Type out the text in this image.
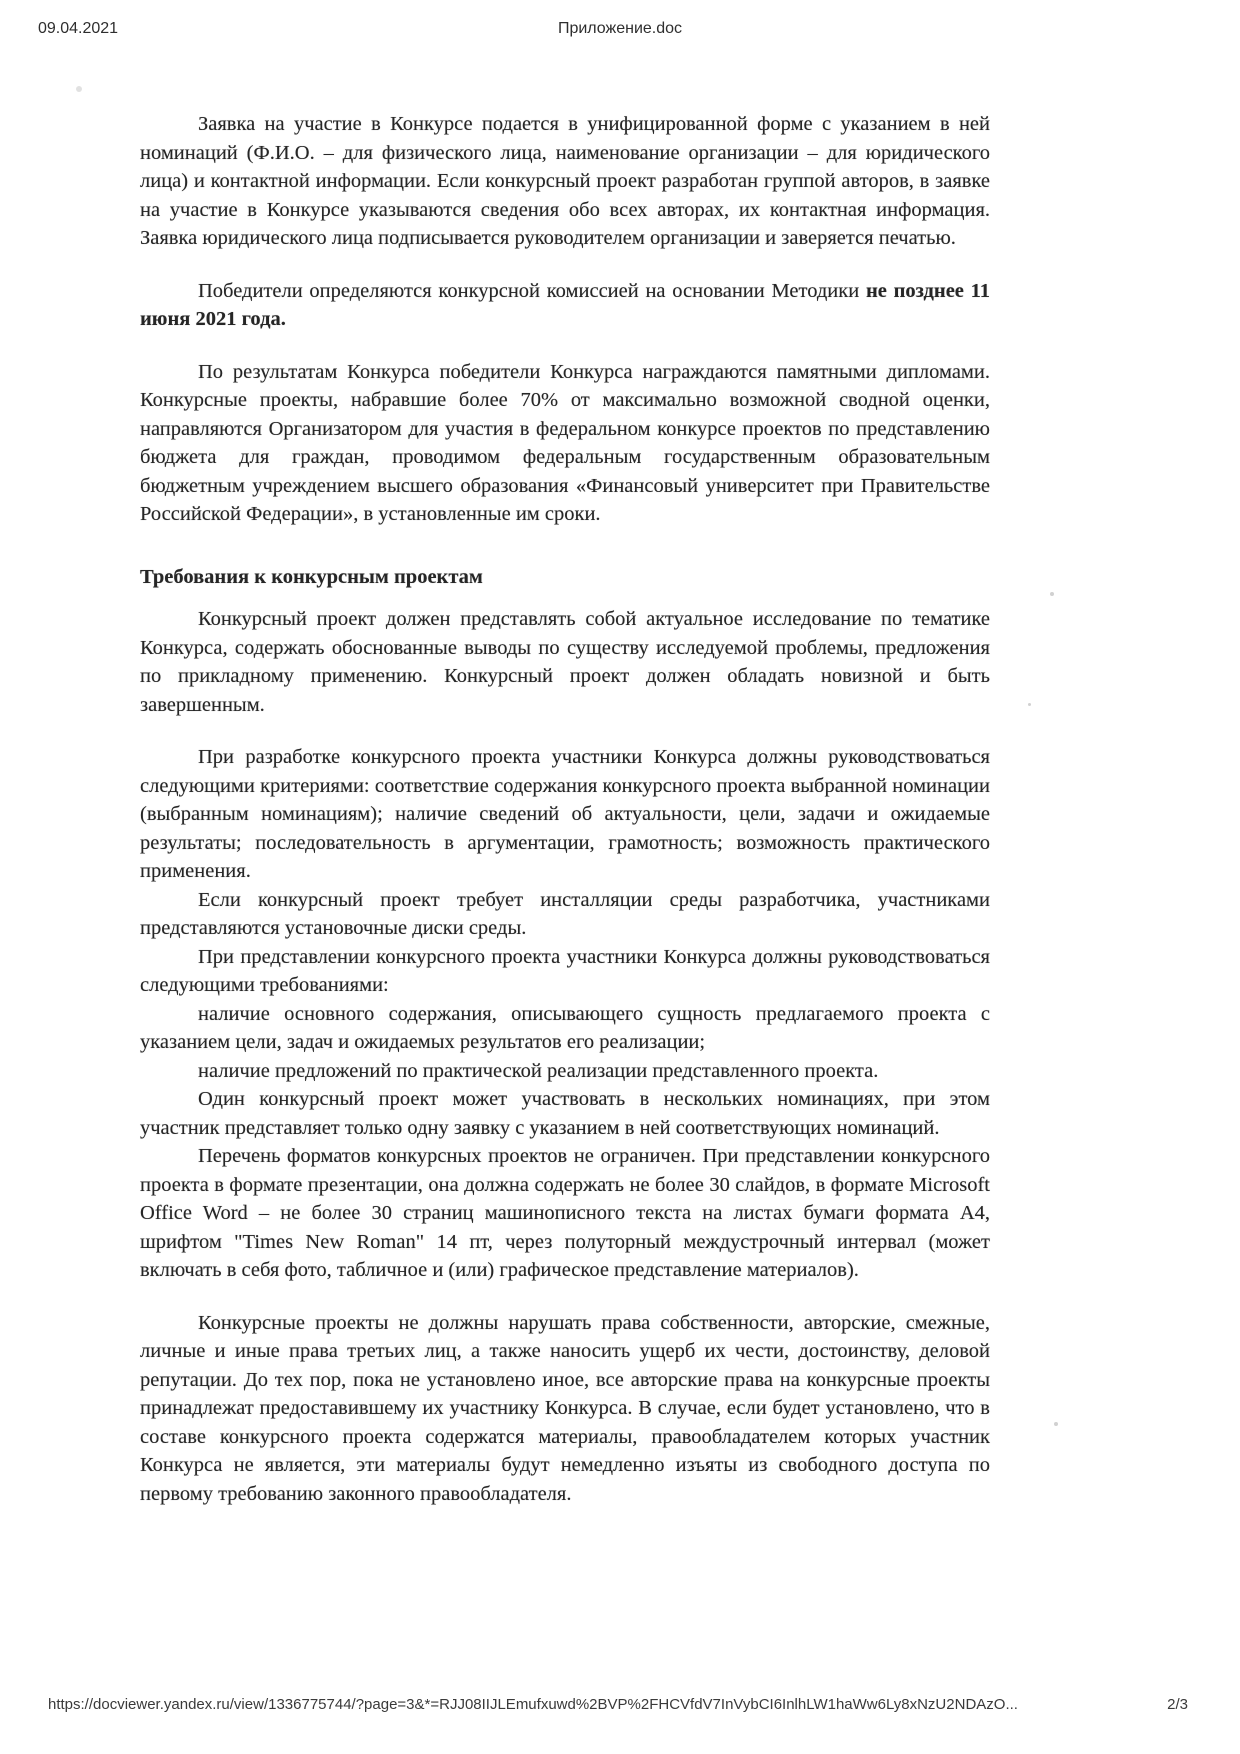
09.04.2021	Приложение.doc

Заявка на участие в Конкурсе подается в унифицированной форме с указанием в ней номинаций (Ф.И.О. – для физического лица, наименование организации – для юридического лица) и контактной информации. Если конкурсный проект разработан группой авторов, в заявке на участие в Конкурсе указываются сведения обо всех авторах, их контактная информация. Заявка юридического лица подписывается руководителем организации и заверяется печатью.

Победители определяются конкурсной комиссией на основании Методики не позднее 11 июня 2021 года.

По результатам Конкурса победители Конкурса награждаются памятными дипломами. Конкурсные проекты, набравшие более 70% от максимально возможной сводной оценки, направляются Организатором для участия в федеральном конкурсе проектов по представлению бюджета для граждан, проводимом федеральным государственным образовательным бюджетным учреждением высшего образования «Финансовый университет при Правительстве Российской Федерации», в установленные им сроки.

Требования к конкурсным проектам

Конкурсный проект должен представлять собой актуальное исследование по тематике Конкурса, содержать обоснованные выводы по существу исследуемой проблемы, предложения по прикладному применению. Конкурсный проект должен обладать новизной и быть завершенным.

При разработке конкурсного проекта участники Конкурса должны руководствоваться следующими критериями: соответствие содержания конкурсного проекта выбранной номинации (выбранным номинациям); наличие сведений об актуальности, цели, задачи и ожидаемые результаты; последовательность в аргументации, грамотность; возможность практического применения.

Если конкурсный проект требует инсталляции среды разработчика, участниками представляются установочные диски среды.

При представлении конкурсного проекта участники Конкурса должны руководствоваться следующими требованиями:

наличие основного содержания, описывающего сущность предлагаемого проекта с указанием цели, задач и ожидаемых результатов его реализации;

наличие предложений по практической реализации представленного проекта.

Один конкурсный проект может участвовать в нескольких номинациях, при этом участник представляет только одну заявку с указанием в ней соответствующих номинаций.

Перечень форматов конкурсных проектов не ограничен. При представлении конкурсного проекта в формате презентации, она должна содержать не более 30 слайдов, в формате Microsoft Office Word – не более 30 страниц машинописного текста на листах бумаги формата А4, шрифтом "Times New Roman" 14 пт, через полуторный междустрочный интервал (может включать в себя фото, табличное и (или) графическое представление материалов).

Конкурсные проекты не должны нарушать права собственности, авторские, смежные, личные и иные права третьих лиц, а также наносить ущерб их чести, достоинству, деловой репутации. До тех пор, пока не установлено иное, все авторские права на конкурсные проекты принадлежат предоставившему их участнику Конкурса. В случае, если будет установлено, что в составе конкурсного проекта содержатся материалы, правообладателем которых участник Конкурса не является, эти материалы будут немедленно изъяты из свободного доступа по первому требованию законного правообладателя.

https://docviewer.yandex.ru/view/1336775744/?page=3&*=RJJ08IIJLEmufxuwd%2BVP%2FHCVfdV7InVybCI6InlhLW1haWw6Ly8xNzU2NDAzO...	2/3
